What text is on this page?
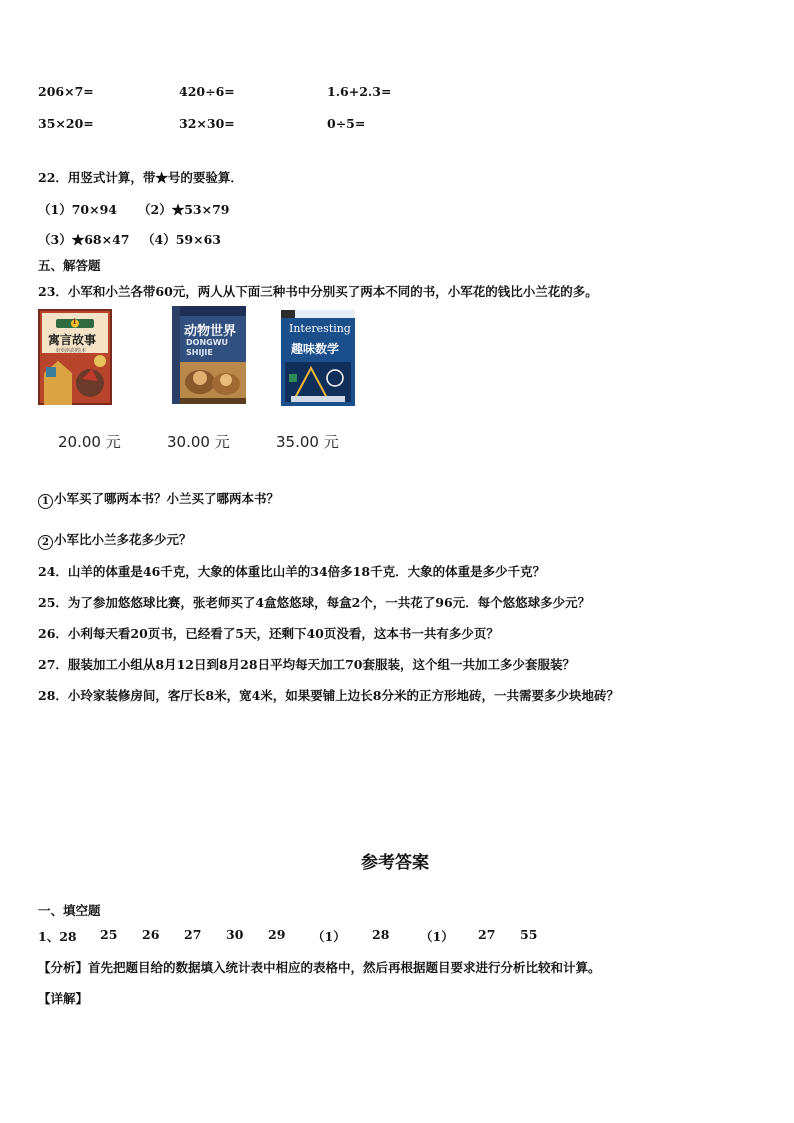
206×7=	420÷6=	1.6+2.3=
35×20=	32×30=	0÷5=
22．用竖式计算，带★号的要验算．
（1）70×94 （2）★53×79
（3）★68×47 （4）59×63
五、解答题
23．小军和小兰各带60元，两人从下面三种书中分别买了两本不同的书，小军花的钱比小兰花的多。
1
寓言故事
好妈妈的绘本
动物世界
DONGWU SHIJIE
Interesting
趣味数学
20.00 元	30.00 元	35.00 元
1 小军买了哪两本书？小兰买了哪两本书？
2 小军比小兰多花多少元？
24．山羊的体重是46千克，大象的体重比山羊的34倍多18千克．大象的体重是多少千克？
25．为了参加悠悠球比赛，张老师买了4盒悠悠球，每盒2个，一共花了96元．每个悠悠球多少元？
26．小利每天看20页书，已经看了5天，还剩下40页没看，这本书一共有多少页？
27．服装加工小组从8月12日到8月28日平均每天加工70套服装，这个组一共加工多少套服装？
28．小玲家装修房间，客厅长8米，宽4米，如果要铺上边长8分米的正方形地砖，一共需要多少块地砖？
参考答案
一、填空题
1、28 25 26 27 30 29 （1） 28 （1） 27 55
【分析】首先把题目给的数据填入统计表中相应的表格中，然后再根据题目要求进行分析比较和计算。
【详解】
